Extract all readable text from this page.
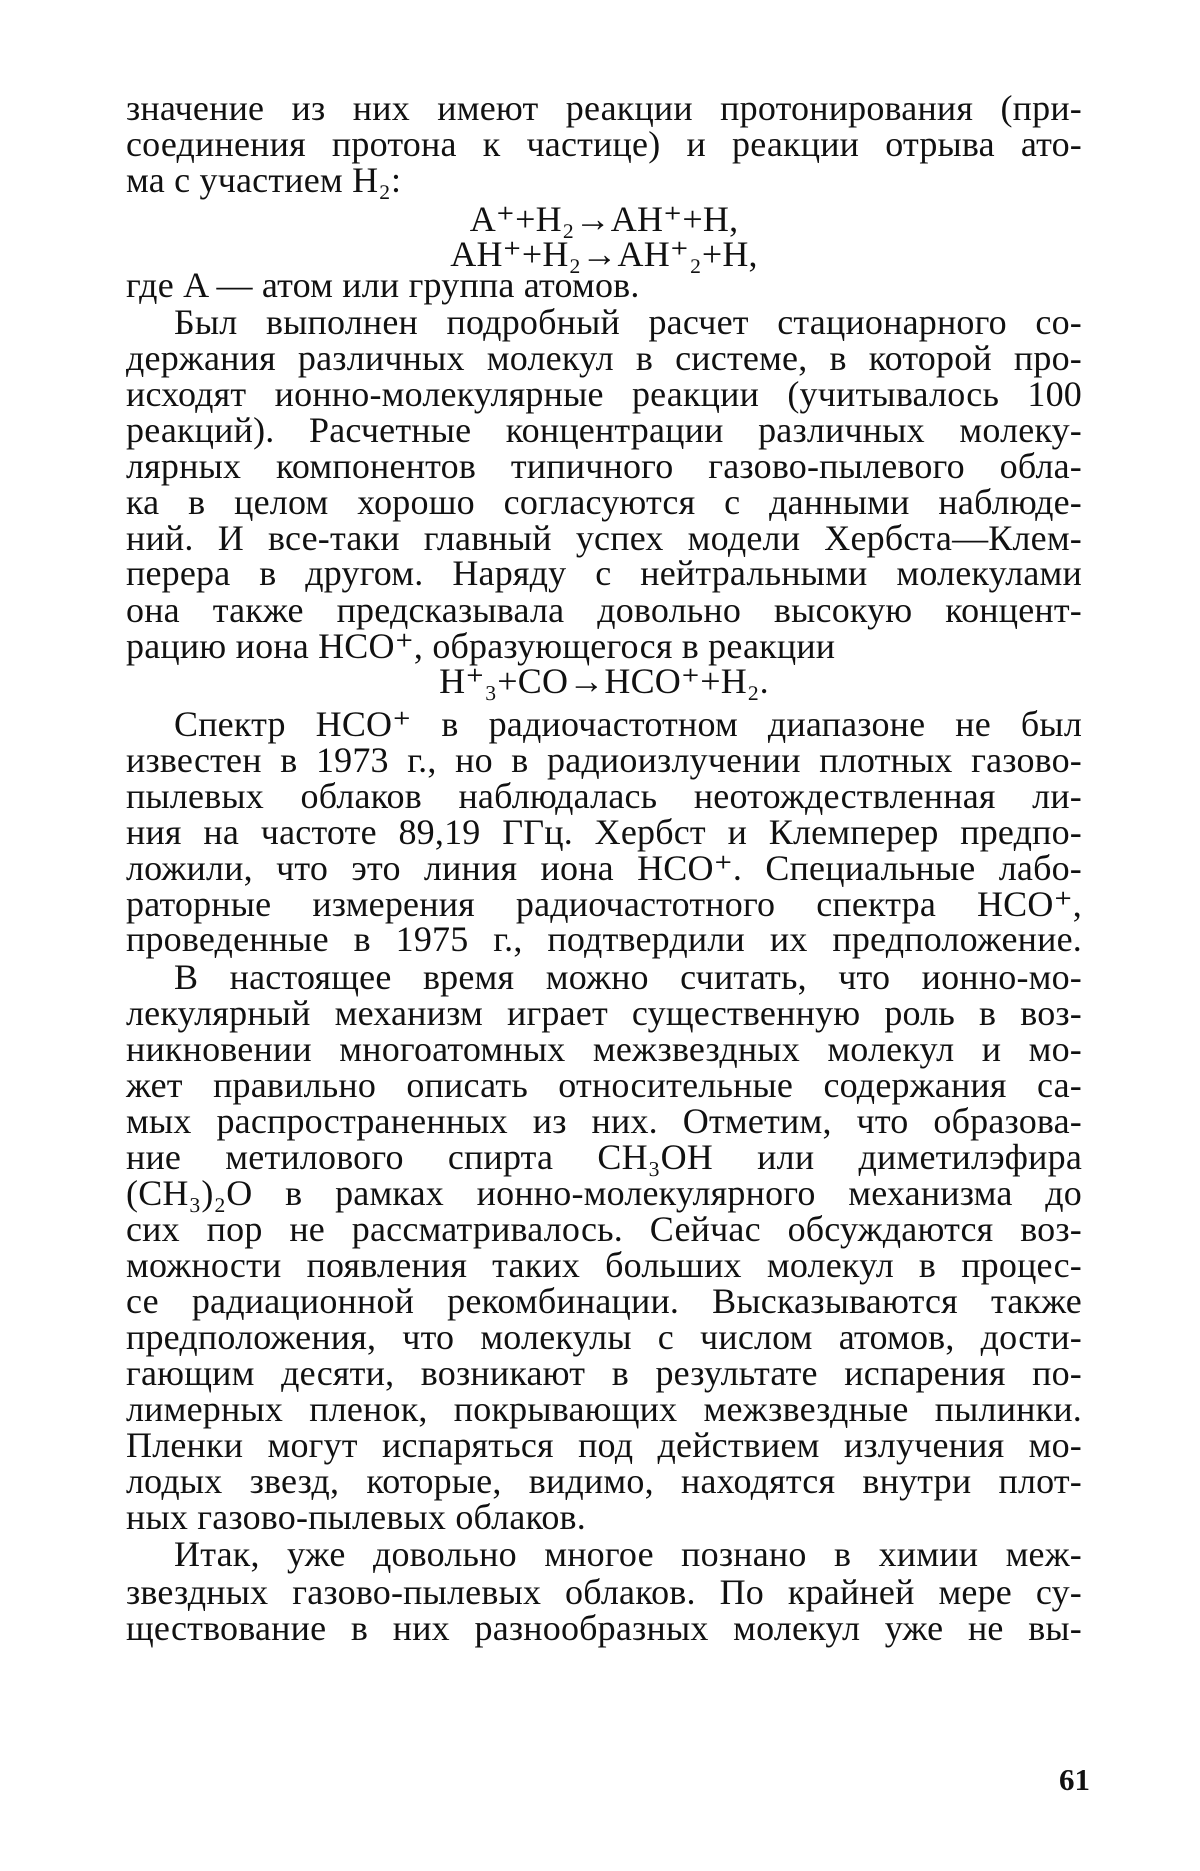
значение из них имеют реакции протонирования (при-
соединения протона к частице) и реакции отрыва ато-
ма с участием H₂:
A⁺+H₂→AH⁺+H,
AH⁺+H₂→AH⁺₂+H,
где A — атом или группа атомов.
Был выполнен подробный расчет стационарного со-
держания различных молекул в системе, в которой про-
исходят ионно-молекулярные реакции (учитывалось 100
реакций). Расчетные концентрации различных молеку-
лярных компонентов типичного газово-пылевого обла-
ка в целом хорошо согласуются с данными наблюде-
ний. И все-таки главный успех модели Хербста—Клем-
перера в другом. Наряду с нейтральными молекулами
она также предсказывала довольно высокую концент-
рацию иона HCO⁺, образующегося в реакции
H⁺₃+CO→HCO⁺+H₂.
Спектр HCO⁺ в радиочастотном диапазоне не был
известен в 1973 г., но в радиоизлучении плотных газово-
пылевых облаков наблюдалась неотождествленная ли-
ния на частоте 89,19 ГГц. Хербст и Клемперер предпо-
ложили, что это линия иона HCO⁺. Специальные лабо-
раторные измерения радиочастотного спектра HCO⁺,
проведенные в 1975 г., подтвердили их предположение.
В настоящее время можно считать, что ионно-мо-
лекулярный механизм играет существенную роль в воз-
никновении многоатомных межзвездных молекул и мо-
жет правильно описать относительные содержания са-
мых распространенных из них. Отметим, что образова-
ние метилового спирта CH₃OH или диметилэфира
(CH₃)₂O в рамках ионно-молекулярного механизма до
сих пор не рассматривалось. Сейчас обсуждаются воз-
можности появления таких больших молекул в процес-
се радиационной рекомбинации. Высказываются также
предположения, что молекулы с числом атомов, дости-
гающим десяти, возникают в результате испарения по-
лимерных пленок, покрывающих межзвездные пылинки.
Пленки могут испаряться под действием излучения мо-
лодых звезд, которые, видимо, находятся внутри плот-
ных газово-пылевых облаков.
Итак, уже довольно многое познано в химии меж-
звездных газово-пылевых облаков. По крайней мере су-
ществование в них разнообразных молекул уже не вы-
61
